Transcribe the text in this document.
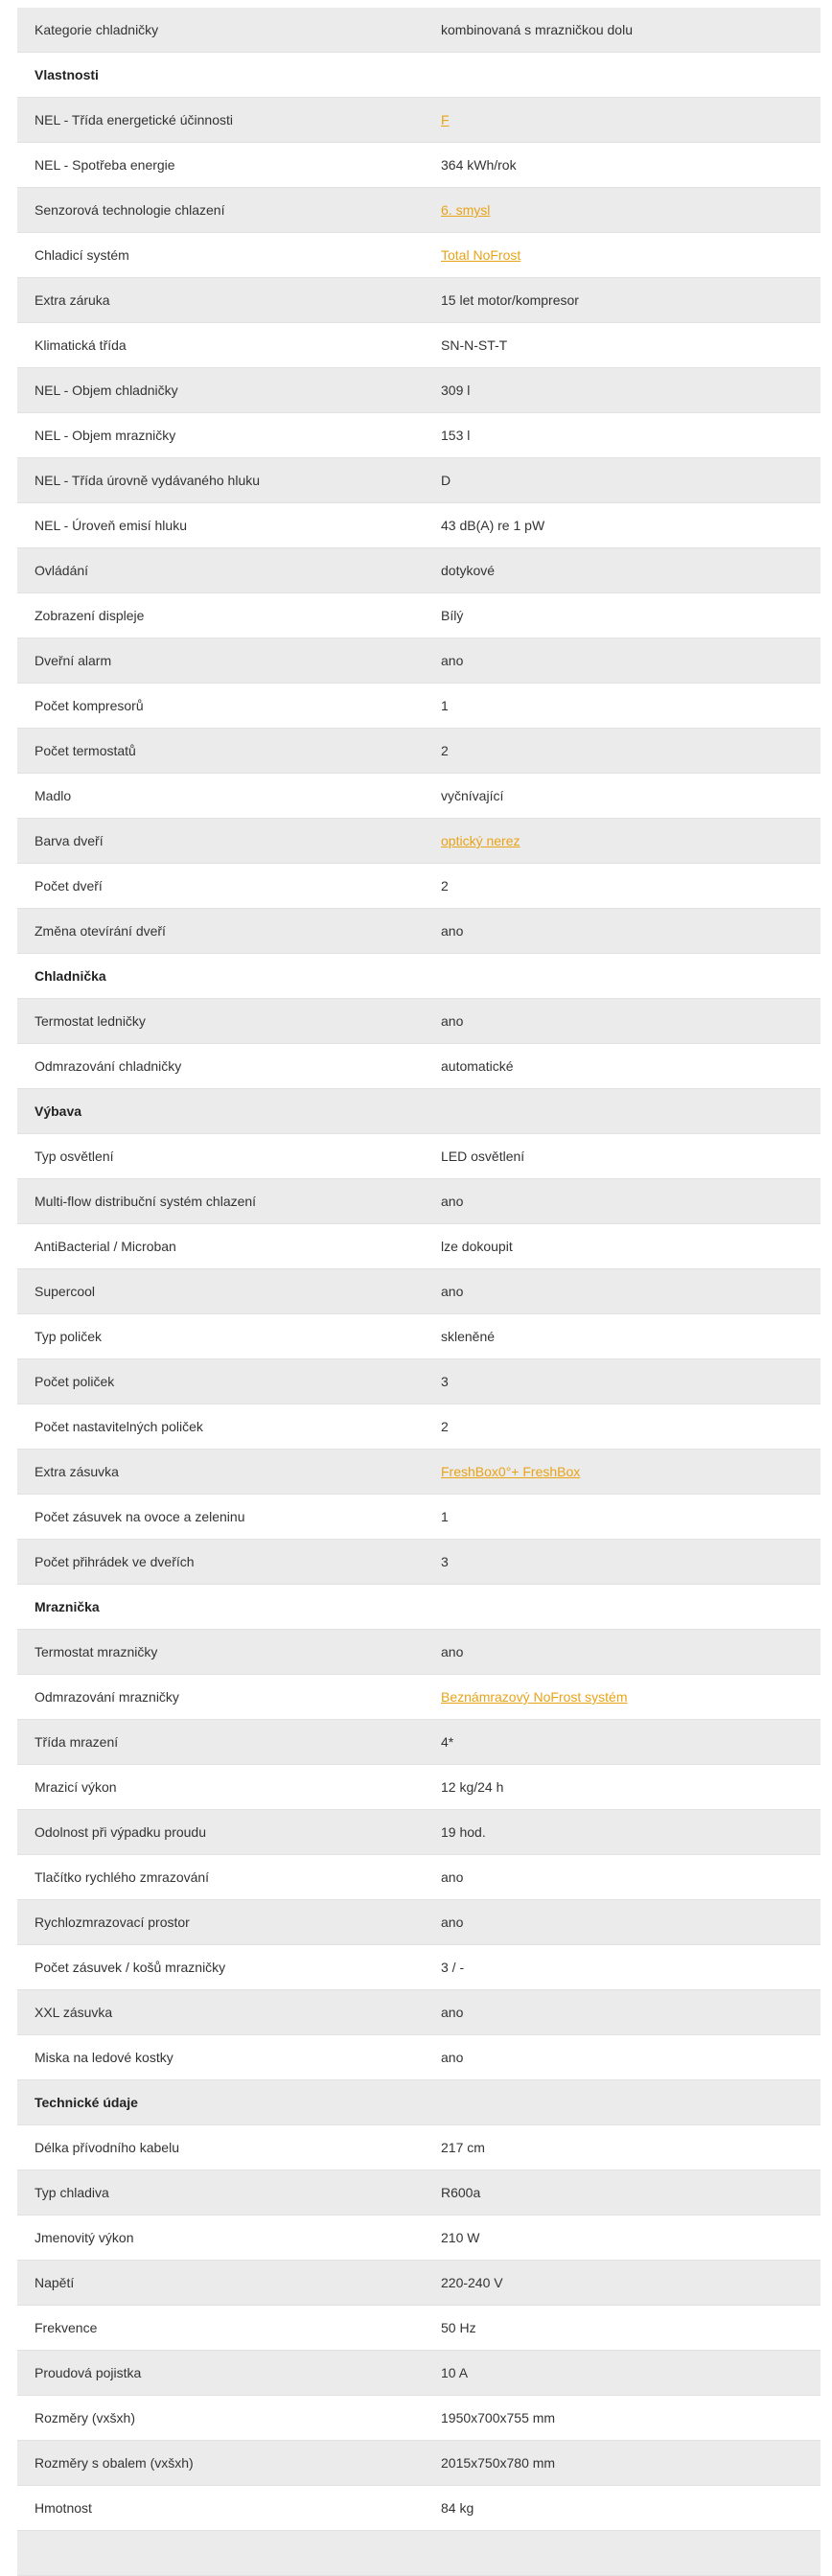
Kategorie chladničky	kombinovaná s mrazničkou dolu
Vlastnosti
NEL - Třída energetické účinnosti	F
NEL - Spotřeba energie	364 kWh/rok
Senzorová technologie chlazení	6. smysl
Chladicí systém	Total NoFrost
Extra záruka	15 let motor/kompresor
Klimatická třída	SN-N-ST-T
NEL - Objem chladničky	309 l
NEL - Objem mrazničky	153 l
NEL - Třída úrovně vydávaného hluku	D
NEL - Úroveň emisí hluku	43 dB(A) re 1 pW
Ovládání	dotykové
Zobrazení displeje	Bílý
Dveřní alarm	ano
Počet kompresorů	1
Počet termostatů	2
Madlo	vyčnívající
Barva dveří	optický nerez
Počet dveří	2
Změna otevírání dveří	ano
Chladnička
Termostat ledničky	ano
Odmrazování chladničky	automatické
Výbava
Typ osvětlení	LED osvětlení
Multi-flow distribuční systém chlazení	ano
AntiBacterial / Microban	lze dokoupit
Supercool	ano
Typ poliček	skleněné
Počet poliček	3
Počet nastavitelných poliček	2
Extra zásuvka	FreshBox0°+ FreshBox
Počet zásuvek na ovoce a zeleninu	1
Počet přihrádek ve dveřích	3
Mraznička
Termostat mrazničky	ano
Odmrazování mrazničky	Beznámrazový NoFrost systém
Třída mrazení	4*
Mrazicí výkon	12 kg/24 h
Odolnost při výpadku proudu	19 hod.
Tlačítko rychlého zmrazování	ano
Rychlozmrazovací prostor	ano
Počet zásuvek / košů mrazničky	3 / -
XXL zásuvka	ano
Miska na ledové kostky	ano
Technické údaje
Délka přívodního kabelu	217 cm
Typ chladiva	R600a
Jmenovitý výkon	210 W
Napětí	220-240 V
Frekvence	50 Hz
Proudová pojistka	10 A
Rozměry (vxšxh)	1950x700x755 mm
Rozměry s obalem (vxšxh)	2015x750x780 mm
Hmotnost	84 kg
